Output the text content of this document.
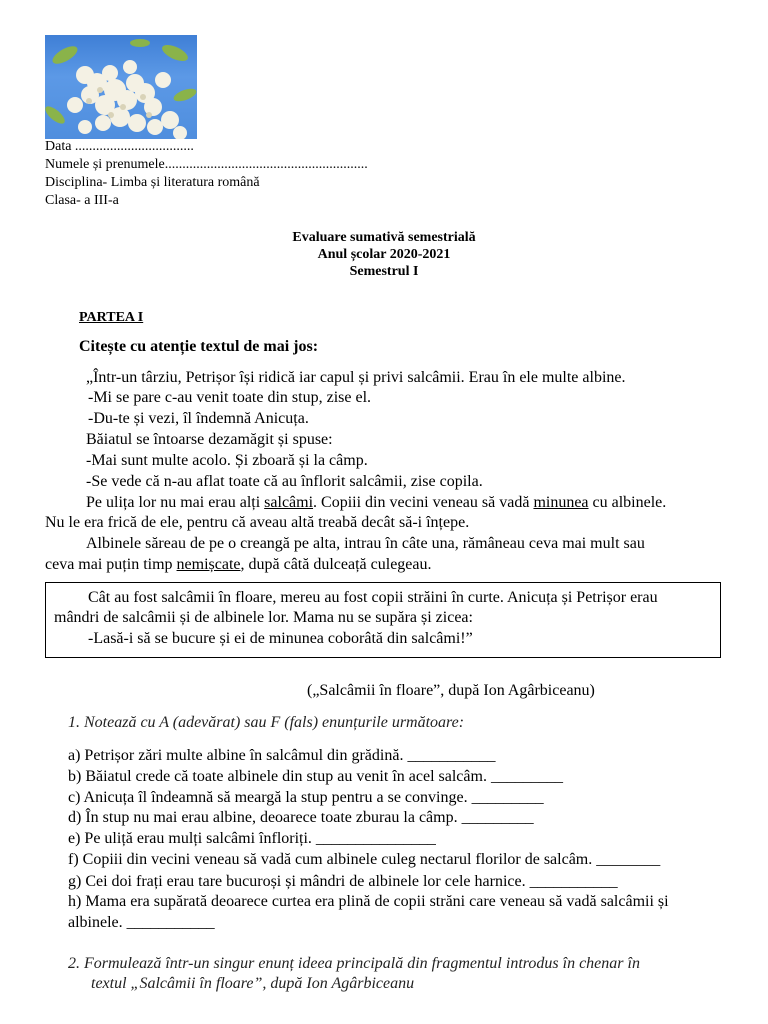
Data ..................................
Numele și prenumele..........................................................
Disciplina- Limba și literatura română
Clasa- a III-a
Evaluare sumativă semestrială
Anul școlar 2020-2021
Semestrul I
PARTEA I
Citește cu atenție textul de mai jos:
„Într-un târziu, Petrișor își ridică iar capul și privi salcâmii. Erau în ele multe albine.
-Mi se pare c-au venit toate din stup, zise el.
-Du-te și vezi, îl îndemnă Anicuța.
Băiatul se întoarse dezamăgit și spuse:
-Mai sunt multe acolo. Și zboară și la câmp.
-Se vede că n-au aflat toate că au înflorit salcâmii, zise copila.
Pe ulița lor nu mai erau alți salcâmi. Copiii din vecini veneau să vadă minunea cu albinele.
Nu le era frică de ele, pentru că aveau altă treabă decât să-i înțepe.
Albinele săreau de pe o creangă pe alta, intrau în câte una, rămâneau ceva mai mult sau
ceva mai puțin timp nemișcate, după câtă dulceață culegeau.
Cât au fost salcâmii în floare, mereu au fost copii străini în curte. Anicuța și Petrișor erau
mândri de salcâmii și de albinele lor. Mama nu se supăra și zicea:
-Lasă-i să se bucure și ei de minunea coborâtă din salcâmi!”
(„Salcâmii în floare”, după Ion Agârbiceanu)
1. Notează cu A (adevărat) sau F (fals) enunțurile următoare:
a) Petrișor zări multe albine în salcâmul din grădină. ___________
b) Băiatul crede că toate albinele din stup au venit în acel salcâm. _________
c) Anicuța îl îndeamnă să meargă la stup pentru a se convinge. _________
d) În stup nu mai erau albine, deoarece toate zburau la câmp. _________
e) Pe uliță erau mulți salcâmi înfloriți. _______________
f) Copiii din vecini veneau să vadă cum albinele culeg nectarul florilor de salcâm. ________
g) Cei doi frați erau tare bucuroși și mândri de albinele lor cele harnice. ___________
h) Mama era supărată deoarece curtea era plină de copii străni care veneau să vadă salcâmii și
albinele. ___________
2. Formulează într-un singur enunț ideea principală din fragmentul introdus în chenar în
textul „Salcâmii în floare”, după Ion Agârbiceanu
